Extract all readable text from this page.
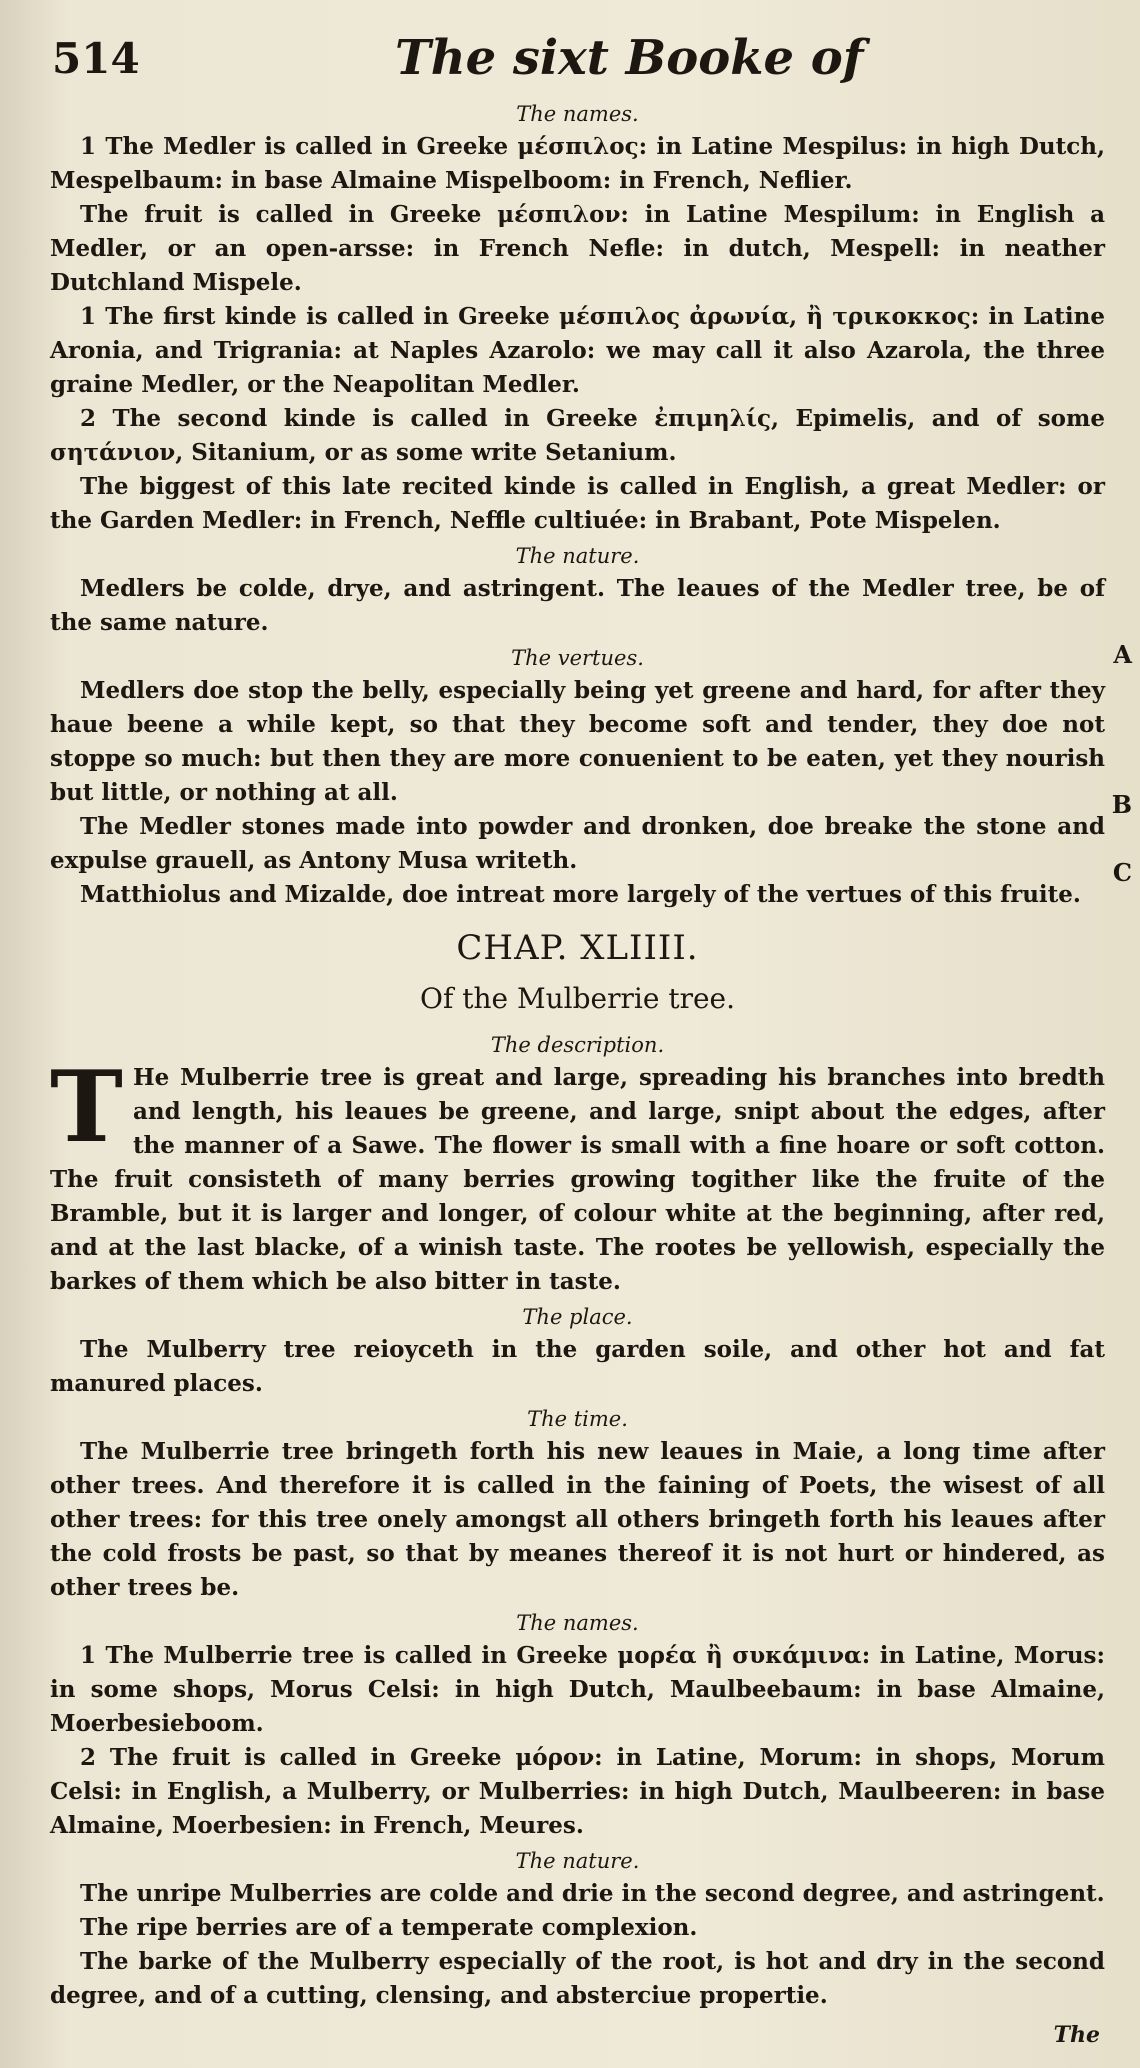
514	The sixt Booke of
The names.

1 The Medler is called in Greeke μέσπιλος: in Latine Mespilus: in high Dutch, Mespelbaum: in base Almaine Mispelboom: in French, Neflier.

The fruit is called in Greeke μέσπιλον: in Latine Mespilum: in English a Medler, or an open-arsse: in French Nefle: in dutch, Mespell: in neather Dutchland Mispele.

1 The first kinde is called in Greeke μέσπιλος ἀρωνία, ἢ τρικοκκος: in Latine Aronia, and Trigrania: at Naples Azarolo: we may call it also Azarola, the three graine Medler, or the Neapolitan Medler.

2 The second kinde is called in Greeke ἐπιμηλίς, Epimelis, and of some σητάνιον, Sitanium, or as some write Setanium.

The biggest of this late recited kinde is called in English, a great Medler: or the Garden Medler: in French, Neffle cultiuée: in Brabant, Pote Mispelen.

The nature.

Medlers be colde, drye, and astringent. The leaues of the Medler tree, be of the same nature.

The vertues.

Medlers doe stop the belly, especially being yet greene and hard, for after they haue beene a while kept, so that they become soft and tender, they doe not stoppe so much: but then they are more conuenient to be eaten, yet they nourish but little, or nothing at all.

The Medler stones made into powder and dronken, doe breake the stone and expulse grauell, as Antony Musa writeth.

Matthiolus and Mizalde, doe intreat more largely of the vertues of this fruite.

A
B
C
CHAP. XLIIII.
Of the Mulberrie tree.
The description.

T He Mulberrie tree is great and large, spreading his branches into bredth and length, his leaues be greene, and large, snipt about the edges, after the manner of a Sawe. The flower is small with a fine hoare or soft cotton. The fruit consisteth of many berries growing togither like the fruite of the Bramble, but it is larger and longer, of colour white at the beginning, after red, and at the last blacke, of a winish taste. The rootes be yellowish, especially the barkes of them which be also bitter in taste.

The place.

The Mulberry tree reioyceth in the garden soile, and other hot and fat manured places.

The time.

The Mulberrie tree bringeth forth his new leaues in Maie, a long time after other trees. And therefore it is called in the faining of Poets, the wisest of all other trees: for this tree onely amongst all others bringeth forth his leaues after the cold frosts be past, so that by meanes thereof it is not hurt or hindered, as other trees be.

The names.

1 The Mulberrie tree is called in Greeke μορέα ἢ συκάμινα: in Latine, Morus: in some shops, Morus Celsi: in high Dutch, Maulbeebaum: in base Almaine, Moerbesieboom.

2 The fruit is called in Greeke μόρον: in Latine, Morum: in shops, Morum Celsi: in English, a Mulberry, or Mulberries: in high Dutch, Maulbeeren: in base Almaine, Moerbesien: in French, Meures.

The nature.

The unripe Mulberries are colde and drie in the second degree, and astringent.

The ripe berries are of a temperate complexion.

The barke of the Mulberry especially of the root, is hot and dry in the second degree, and of a cutting, clensing, and absterciue propertie.

The
